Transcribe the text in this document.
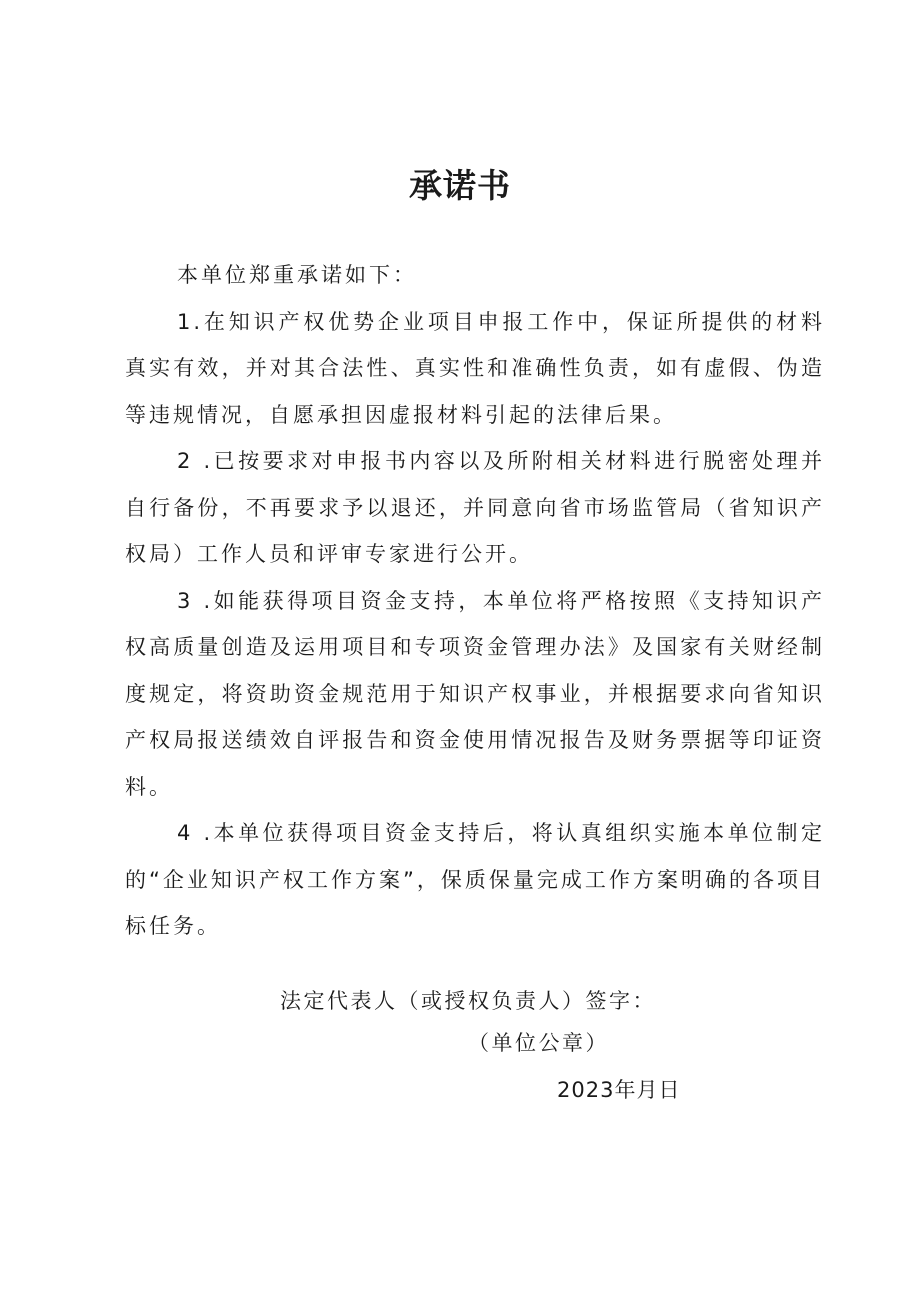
承诺书

本单位郑重承诺如下：

1.在知识产权优势企业项目申报工作中，保证所提供的材料真实有效，并对其合法性、真实性和准确性负责，如有虚假、伪造等违规情况，自愿承担因虚报材料引起的法律后果。

2 .已按要求对申报书内容以及所附相关材料进行脱密处理并自行备份，不再要求予以退还，并同意向省市场监管局（省知识产权局）工作人员和评审专家进行公开。

3 .如能获得项目资金支持，本单位将严格按照《支持知识产权高质量创造及运用项目和专项资金管理办法》及国家有关财经制度规定，将资助资金规范用于知识产权事业，并根据要求向省知识产权局报送绩效自评报告和资金使用情况报告及财务票据等印证资料。

4 .本单位获得项目资金支持后，将认真组织实施本单位制定的“企业知识产权工作方案”，保质保量完成工作方案明确的各项目标任务。

法定代表人（或授权负责人）签字：
（单位公章）
2023年月日
